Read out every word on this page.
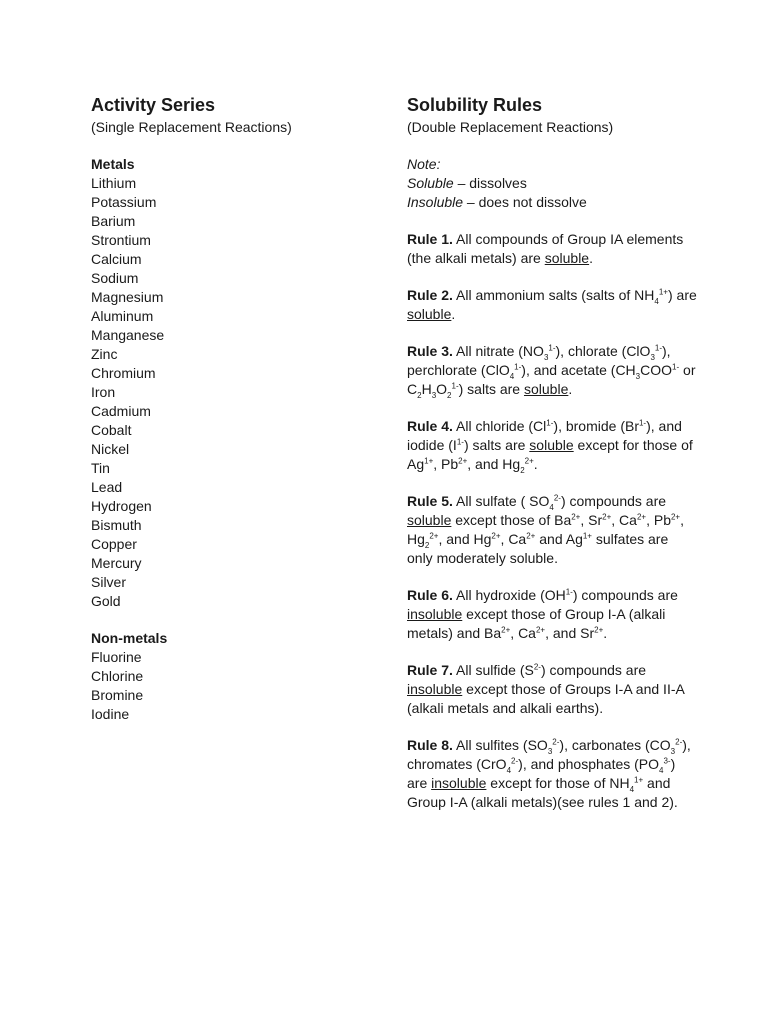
Activity Series

(Single Replacement Reactions)

Metals
Lithium
Potassium
Barium
Strontium
Calcium
Sodium
Magnesium
Aluminum
Manganese
Zinc
Chromium
Iron
Cadmium
Cobalt
Nickel
Tin
Lead
Hydrogen
Bismuth
Copper
Mercury
Silver
Gold
Non-metals
Fluorine
Chlorine
Bromine
Iodine
Solubility Rules

(Double Replacement Reactions)

Note:

Soluble – dissolves

Insoluble – does not dissolve

Rule 1. All compounds of Group IA elements (the alkali metals) are soluble.

Rule 2. All ammonium salts (salts of $NH_4^{1+}$) are soluble.

Rule 3. All nitrate $(NO_3^{1-})$, chlorate (ClO$_3^{1-}$), perchlorate (ClO$_4^{1-}$), and acetate ($CH_3COO^{1-}$ or $C_2H_3O_2^{1-}$) salts are soluble.

Rule 4. All chloride $(Cl^{1-})$, bromide $(Br^{1-})$, and iodide $(I^{1-})$ salts are soluble except for those of $Ag^{1+}$, $Pb^{2+}$, and $Hg_2^{2+}$.

Rule 5. All sulfate ( $SO_4^{2-}$) compounds are soluble except those of $Ba^{2+}$, $Sr^{2+}$, $Ca^{2+}$, $Pb^{2+}$, $Hg_2^{2+}$, and $Hg^{2+}$, $Ca^{2+}$ and $Ag^{1+}$ sulfates are only moderately soluble.

Rule 6. All hydroxide $(OH^{1-})$ compounds are insoluble except those of Group I-A (alkali metals) and $Ba^{2+}$, $Ca^{2+}$, and $Sr^{2+}$.

Rule 7. All sulfide $(S^{2-})$ compounds are insoluble except those of Groups I-A and II-A (alkali metals and alkali earths).

Rule 8. All sulfites $(SO_3^{2-})$, carbonates $(CO_3^{2-})$, chromates (CrO$_4^{2-}$), and phosphates $(PO_4^{3-})$ are insoluble except for those of $NH_4^{1+}$ and Group I-A (alkali metals)(see rules 1 and 2).
